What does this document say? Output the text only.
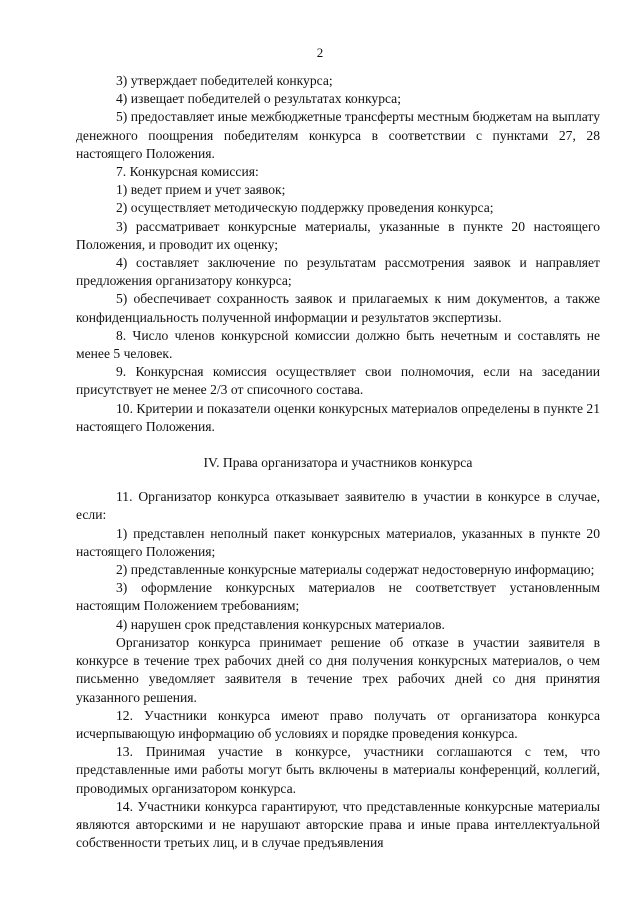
2

3) утверждает победителей конкурса;

4) извещает победителей о результатах конкурса;

5) предоставляет иные межбюджетные трансферты местным бюджетам на выплату денежного поощрения победителям конкурса в соответствии с пунктами 27, 28 настоящего Положения.

7. Конкурсная комиссия:

1) ведет прием и учет заявок;

2) осуществляет методическую поддержку проведения конкурса;

3) рассматривает конкурсные материалы, указанные в пункте 20 настоящего Положения, и проводит их оценку;

4) составляет заключение по результатам рассмотрения заявок и направляет предложения организатору конкурса;

5) обеспечивает сохранность заявок и прилагаемых к ним документов, а также конфиденциальность полученной информации и результатов экспертизы.

8. Число членов конкурсной комиссии должно быть нечетным и составлять не менее 5 человек.

9. Конкурсная комиссия осуществляет свои полномочия, если на заседании присутствует не менее 2/3 от списочного состава.

10. Критерии и показатели оценки конкурсных материалов определены в пункте 21 настоящего Положения.

IV. Права организатора и участников конкурса

11. Организатор конкурса отказывает заявителю в участии в конкурсе в случае, если:

1) представлен неполный пакет конкурсных материалов, указанных в пункте 20 настоящего Положения;

2) представленные конкурсные материалы содержат недостоверную информацию;

3) оформление конкурсных материалов не соответствует установленным настоящим Положением требованиям;

4) нарушен срок представления конкурсных материалов.

Организатор конкурса принимает решение об отказе в участии заявителя в конкурсе в течение трех рабочих дней со дня получения конкурсных материалов, о чем письменно уведомляет заявителя в течение трех рабочих дней со дня принятия указанного решения.

12. Участники конкурса имеют право получать от организатора конкурса исчерпывающую информацию об условиях и порядке проведения конкурса.

13. Принимая участие в конкурсе, участники соглашаются с тем, что представленные ими работы могут быть включены в материалы конференций, коллегий, проводимых организатором конкурса.

14. Участники конкурса гарантируют, что представленные конкурсные материалы являются авторскими и не нарушают авторские права и иные права интеллектуальной собственности третьих лиц, и в случае предъявления
